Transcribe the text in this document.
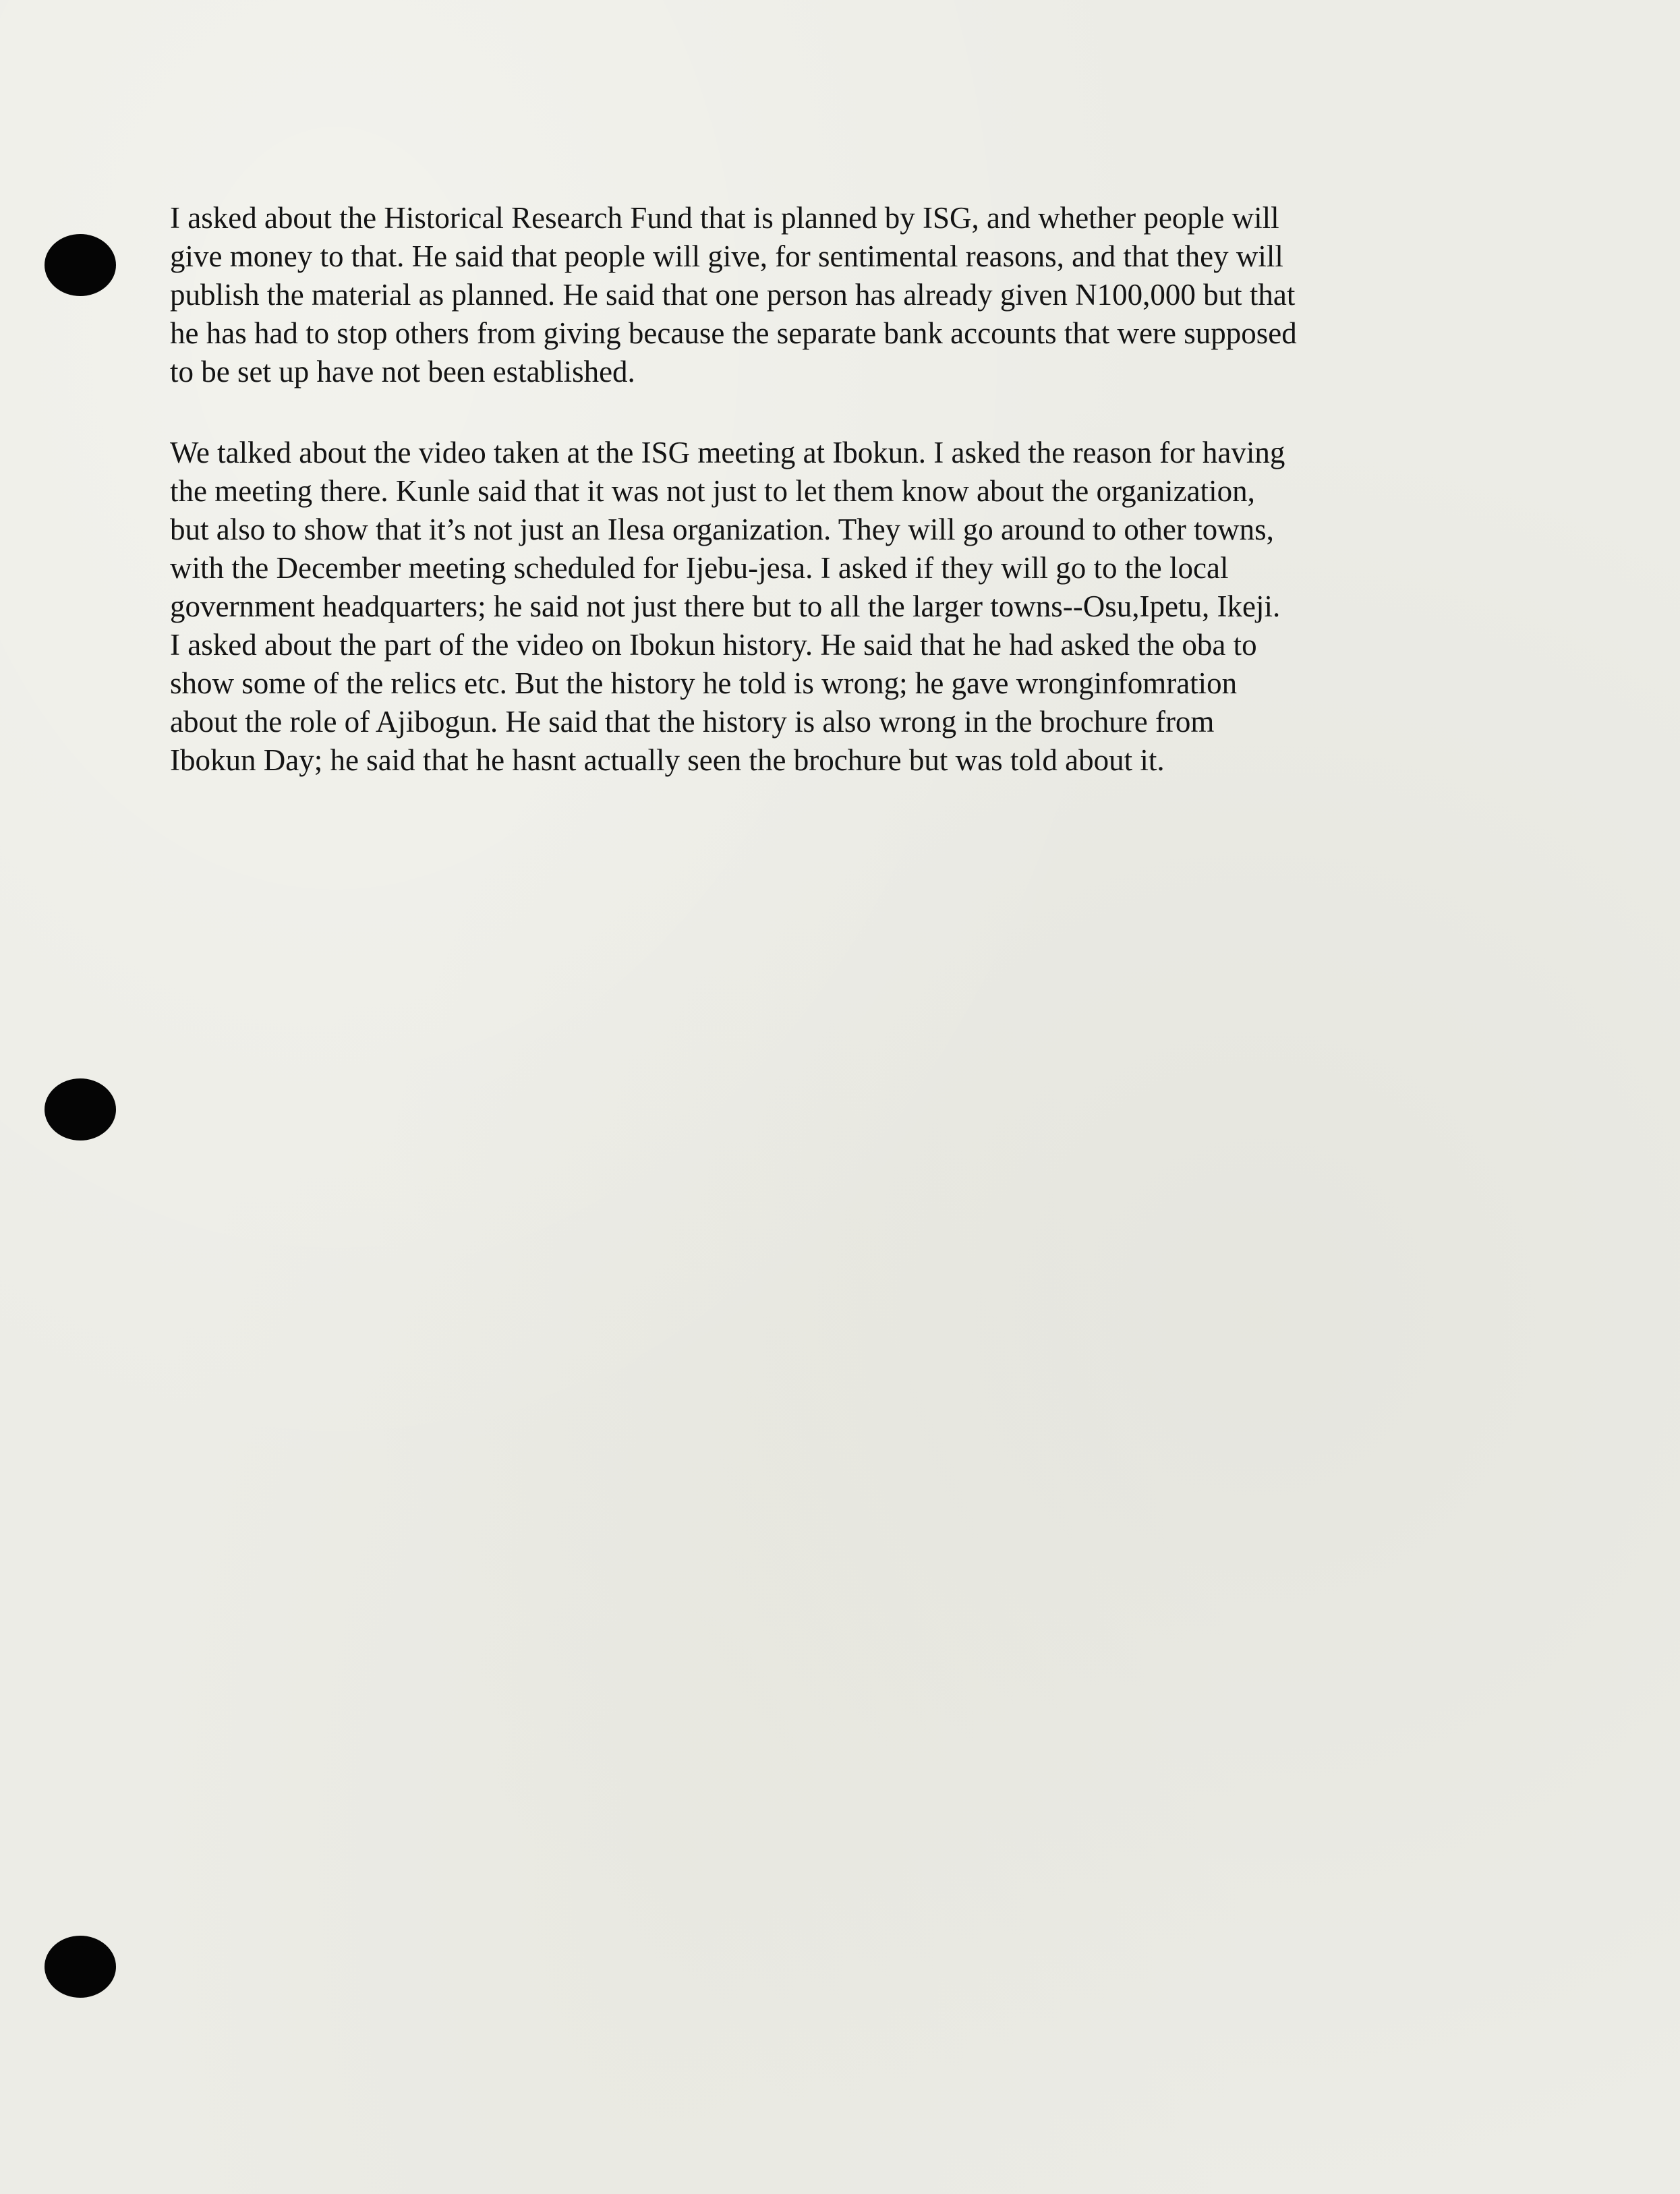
I asked about the Historical Research Fund that is planned by ISG, and whether people will
give money to that. He said that people will give, for sentimental reasons, and that they will
publish the material as planned. He said that one person has already given N100,000 but that
he has had to stop others from giving because the separate bank accounts that were supposed
to be set up have not been established.
We talked about the video taken at the ISG meeting at Ibokun. I asked the reason for having
the meeting there. Kunle said that it was not just to let them know about the organization,
but also to show that it’s not just an Ilesa organization. They will go around to other towns,
with the December meeting scheduled for Ijebu-jesa. I asked if they will go to the local
government headquarters; he said not just there but to all the larger towns--Osu,Ipetu, Ikeji.
I asked about the part of the video on Ibokun history. He said that he had asked the oba to
show some of the relics etc. But the history he told is wrong; he gave wronginfomration
about the role of Ajibogun. He said that the history is also wrong in the brochure from
Ibokun Day; he said that he hasnt actually seen the brochure but was told about it.
